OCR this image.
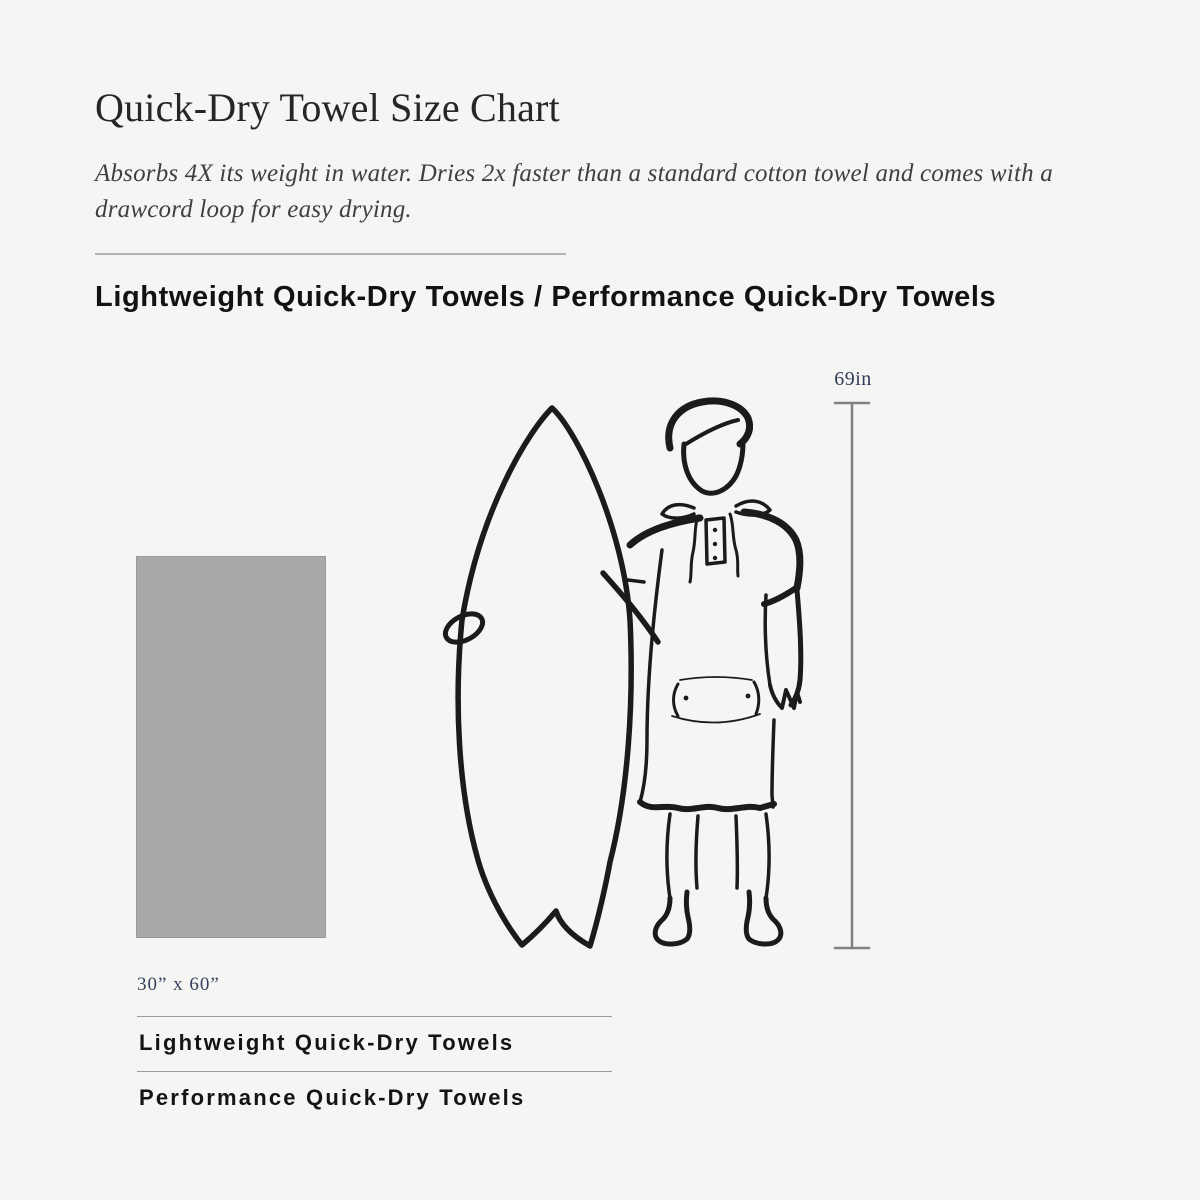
Quick-Dry Towel Size Chart
Absorbs 4X its weight in water. Dries 2x faster than a standard cotton towel and comes with a drawcord loop for easy drying.
Lightweight Quick-Dry Towels / Performance Quick-Dry Towels
30” x 60”
69in
Lightweight Quick-Dry Towels
Performance Quick-Dry Towels
